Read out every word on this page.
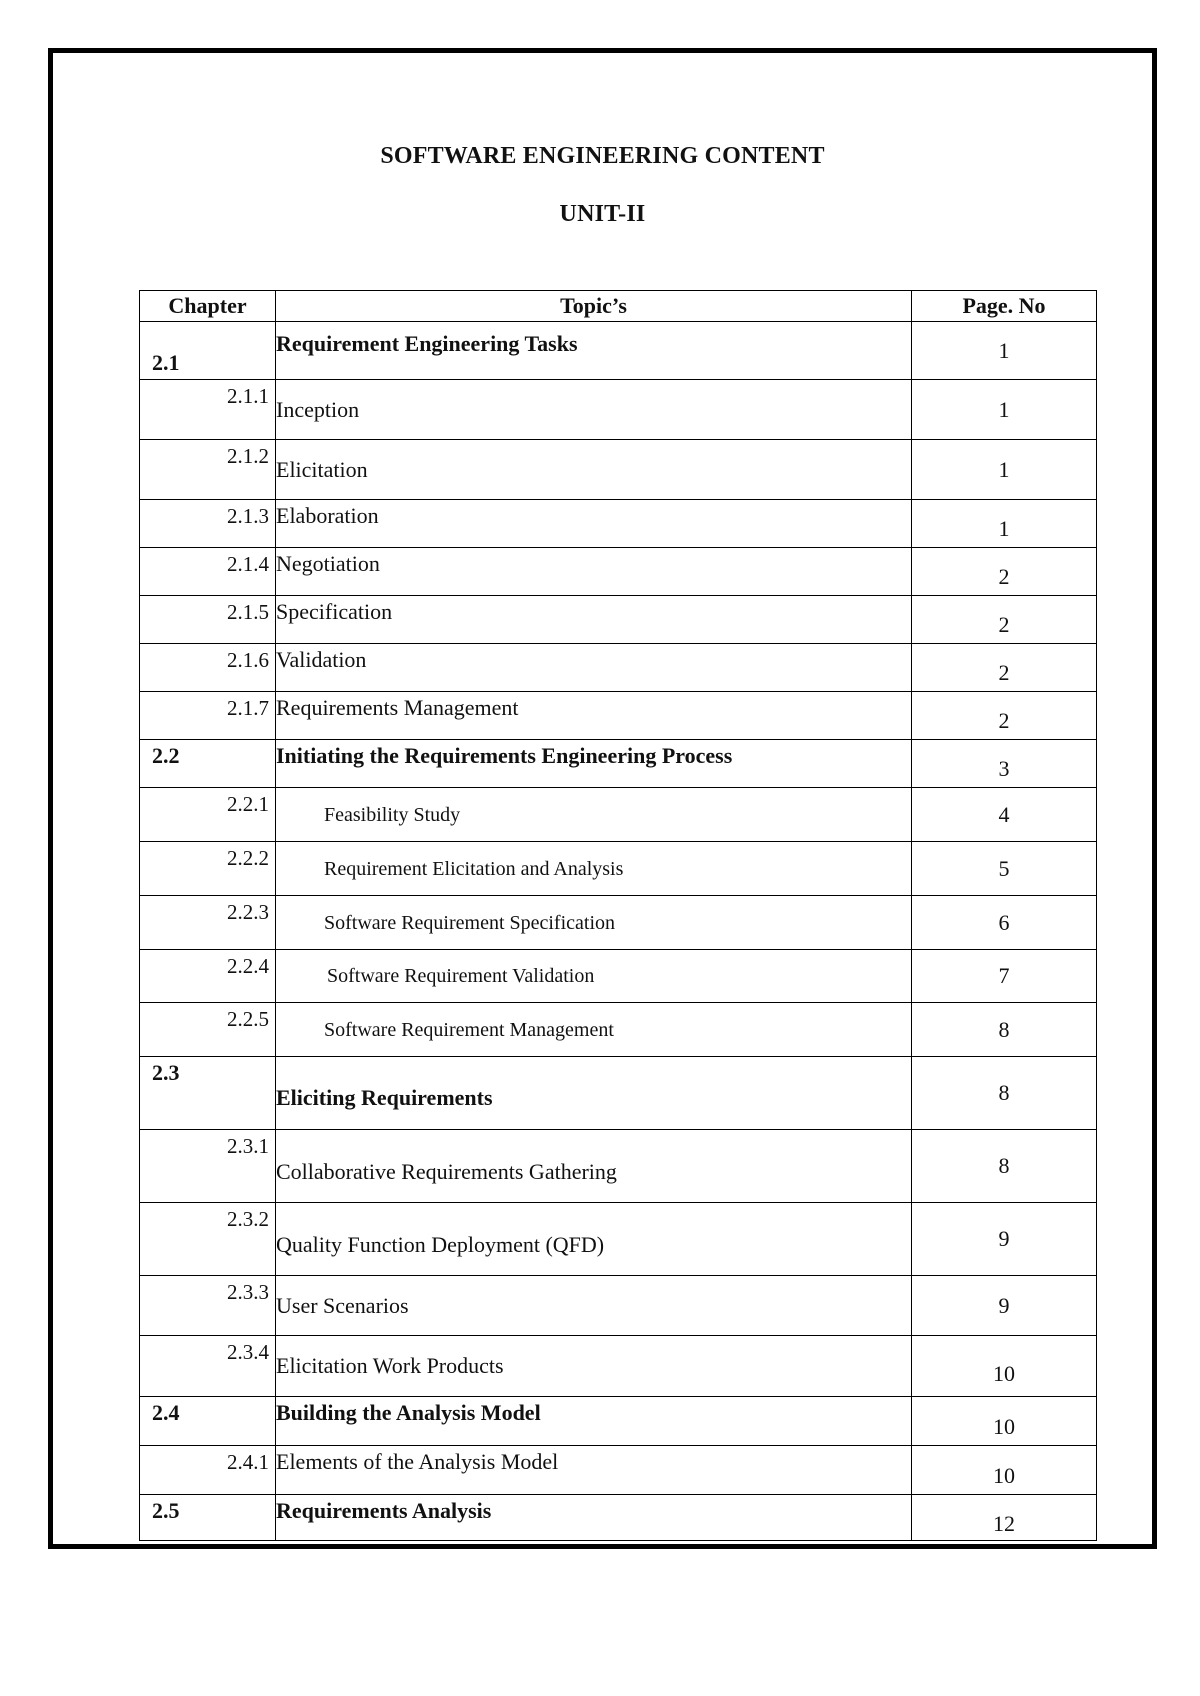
SOFTWARE ENGINEERING CONTENT
UNIT-II
Chapter	Topic’s	Page. No
2.1	Requirement Engineering Tasks	1
2.1.1	Inception	1
2.1.2	Elicitation	1
2.1.3	Elaboration	1
2.1.4	Negotiation	2
2.1.5	Specification	2
2.1.6	Validation	2
2.1.7	Requirements Management	2
2.2	Initiating the Requirements Engineering Process	3
2.2.1	Feasibility Study	4
2.2.2	Requirement Elicitation and Analysis	5
2.2.3	Software Requirement Specification	6
2.2.4	Software Requirement Validation	7
2.2.5	Software Requirement Management	8
2.3	Eliciting Requirements	8
2.3.1	Collaborative Requirements Gathering	8
2.3.2	Quality Function Deployment (QFD)	9
2.3.3	User Scenarios	9
2.3.4	Elicitation Work Products	10
2.4	Building the Analysis Model	10
2.4.1	Elements of the Analysis Model	10
2.5	Requirements Analysis	12
